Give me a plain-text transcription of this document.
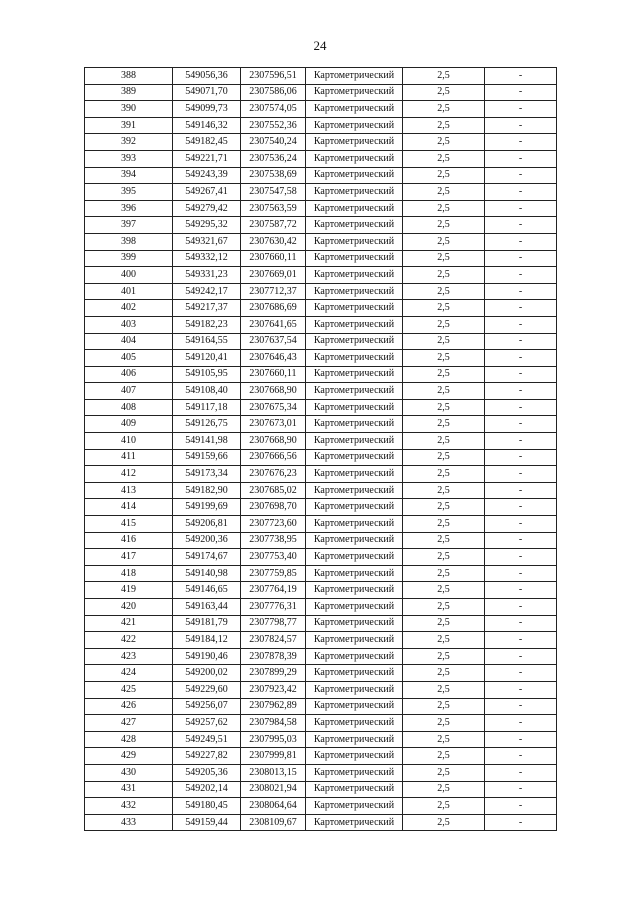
24
388	549056,36	2307596,51	Картометрический	2,5	-
389	549071,70	2307586,06	Картометрический	2,5	-
390	549099,73	2307574,05	Картометрический	2,5	-
391	549146,32	2307552,36	Картометрический	2,5	-
392	549182,45	2307540,24	Картометрический	2,5	-
393	549221,71	2307536,24	Картометрический	2,5	-
394	549243,39	2307538,69	Картометрический	2,5	-
395	549267,41	2307547,58	Картометрический	2,5	-
396	549279,42	2307563,59	Картометрический	2,5	-
397	549295,32	2307587,72	Картометрический	2,5	-
398	549321,67	2307630,42	Картометрический	2,5	-
399	549332,12	2307660,11	Картометрический	2,5	-
400	549331,23	2307669,01	Картометрический	2,5	-
401	549242,17	2307712,37	Картометрический	2,5	-
402	549217,37	2307686,69	Картометрический	2,5	-
403	549182,23	2307641,65	Картометрический	2,5	-
404	549164,55	2307637,54	Картометрический	2,5	-
405	549120,41	2307646,43	Картометрический	2,5	-
406	549105,95	2307660,11	Картометрический	2,5	-
407	549108,40	2307668,90	Картометрический	2,5	-
408	549117,18	2307675,34	Картометрический	2,5	-
409	549126,75	2307673,01	Картометрический	2,5	-
410	549141,98	2307668,90	Картометрический	2,5	-
411	549159,66	2307666,56	Картометрический	2,5	-
412	549173,34	2307676,23	Картометрический	2,5	-
413	549182,90	2307685,02	Картометрический	2,5	-
414	549199,69	2307698,70	Картометрический	2,5	-
415	549206,81	2307723,60	Картометрический	2,5	-
416	549200,36	2307738,95	Картометрический	2,5	-
417	549174,67	2307753,40	Картометрический	2,5	-
418	549140,98	2307759,85	Картометрический	2,5	-
419	549146,65	2307764,19	Картометрический	2,5	-
420	549163,44	2307776,31	Картометрический	2,5	-
421	549181,79	2307798,77	Картометрический	2,5	-
422	549184,12	2307824,57	Картометрический	2,5	-
423	549190,46	2307878,39	Картометрический	2,5	-
424	549200,02	2307899,29	Картометрический	2,5	-
425	549229,60	2307923,42	Картометрический	2,5	-
426	549256,07	2307962,89	Картометрический	2,5	-
427	549257,62	2307984,58	Картометрический	2,5	-
428	549249,51	2307995,03	Картометрический	2,5	-
429	549227,82	2307999,81	Картометрический	2,5	-
430	549205,36	2308013,15	Картометрический	2,5	-
431	549202,14	2308021,94	Картометрический	2,5	-
432	549180,45	2308064,64	Картометрический	2,5	-
433	549159,44	2308109,67	Картометрический	2,5	-
